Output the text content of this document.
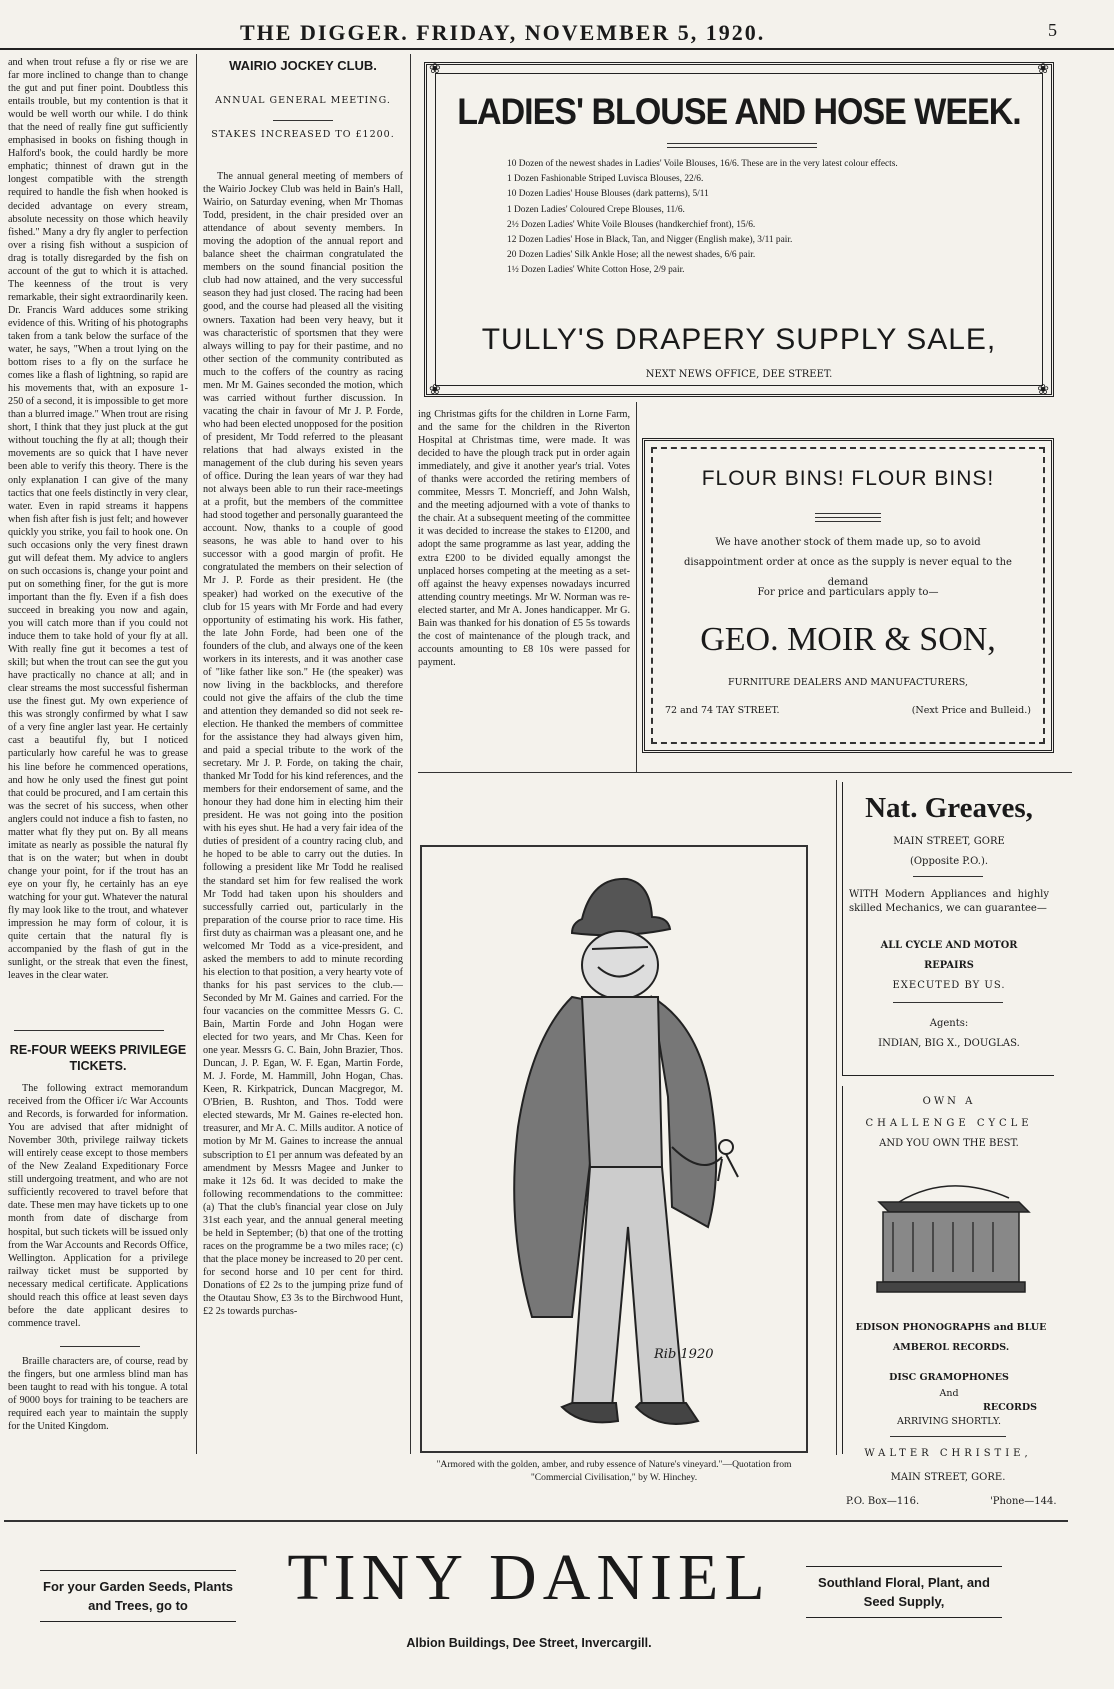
THE DIGGER. FRIDAY, NOVEMBER 5, 1920.	5

and when trout refuse a fly or rise we are far more inclined to change than to change the gut and put finer point. Doubtless this entails trouble, but my contention is that it would be well worth our while. I do think that the need of really fine gut sufficiently emphasised in books on fishing though in Halford's book, the could hardly be more emphatic; thinnest of drawn gut in the longest compatible with the strength required to handle the fish when hooked is decided advantage on every stream, absolute necessity on those which heavily fished." Many a dry fly angler to perfection over a rising fish without a suspicion of drag is totally disregarded by the fish on account of the gut to which it is attached. The keenness of the trout is very remarkable, their sight extraordinarily keen. Dr. Francis Ward adduces some striking evidence of this. Writing of his photographs taken from a tank below the surface of the water, he says, "When a trout lying on the bottom rises to a fly on the surface he comes like a flash of lightning, so rapid are his movements that, with an exposure 1-250 of a second, it is impossible to get more than a blurred image." When trout are rising short, I think that they just pluck at the gut without touching the fly at all; though their movements are so quick that I have never been able to verify this theory. There is the only explanation I can give of the many tactics that one feels distinctly in very clear, water. Even in rapid streams it happens when fish after fish is just felt; and however quickly you strike, you fail to hook one. On such occasions only the very finest drawn gut will defeat them. My advice to anglers on such occasions is, change your point and put on something finer, for the gut is more important than the fly. Even if a fish does succeed in breaking you now and again, you will catch more than if you could not induce them to take hold of your fly at all. With really fine gut it becomes a test of skill; but when the trout can see the gut you have practically no chance at all; and in clear streams the most successful fisherman use the finest gut. My own experience of this was strongly confirmed by what I saw of a very fine angler last year. He certainly cast a beautiful fly, but I noticed particularly how careful he was to grease his line before he commenced operations, and how he only used the finest gut point that could be procured, and I am certain this was the secret of his success, when other anglers could not induce a fish to fasten, no matter what fly they put on. By all means imitate as nearly as possible the natural fly that is on the water; but when in doubt change your point, for if the trout has an eye on your fly, he certainly has an eye watching for your gut. Whatever the natural fly may look like to the trout, and whatever impression he may form of colour, it is quite certain that the natural fly is accompanied by the flash of gut in the sunlight, or the streak that even the finest, leaves in the clear water.

RE-FOUR WEEKS PRIVILEGE TICKETS.

The following extract memorandum received from the Officer i/c War Accounts and Records, is forwarded for information. You are advised that after midnight of November 30th, privilege railway tickets will entirely cease except to those members of the New Zealand Expeditionary Force still undergoing treatment, and who are not sufficiently recovered to travel before that date. These men may have tickets up to one month from date of discharge from hospital, but such tickets will be issued only from the War Accounts and Records Office, Wellington. Application for a privilege railway ticket must be supported by necessary medical certificate. Applications should reach this office at least seven days before the date applicant desires to commence travel.

Braille characters are, of course, read by the fingers, but one armless blind man has been taught to read with his tongue. A total of 9000 boys for training to be teachers are required each year to maintain the supply for the United Kingdom.

WAIRIO JOCKEY CLUB.
ANNUAL GENERAL MEETING.
STAKES INCREASED TO £1200.

The annual general meeting of members of the Wairio Jockey Club was held in Bain's Hall, Wairio, on Saturday evening, when Mr Thomas Todd, president, in the chair presided over an attendance of about seventy members. In moving the adoption of the annual report and balance sheet the chairman congratulated the members on the sound financial position the club had now attained, and the very successful season they had just closed. The racing had been good, and the course had pleased all the visiting owners. Taxation had been very heavy, but it was characteristic of sportsmen that they were always willing to pay for their pastime, and no other section of the community contributed as much to the coffers of the country as racing men. Mr M. Gaines seconded the motion, which was carried without further discussion. In vacating the chair in favour of Mr J. P. Forde, who had been elected unopposed for the position of president, Mr Todd referred to the pleasant relations that had always existed in the management of the club during his seven years of office. During the lean years of war they had not always been able to run their race-meetings at a profit, but the members of the committee had stood together and personally guaranteed the account. Now, thanks to a couple of good seasons, he was able to hand over to his successor with a good margin of profit. He congratulated the members on their selection of Mr J. P. Forde as their president. He (the speaker) had worked on the executive of the club for 15 years with Mr Forde and had every opportunity of estimating his work. His father, the late John Forde, had been one of the founders of the club, and always one of the keen workers in its interests, and it was another case of "like father like son." He (the speaker) was now living in the backblocks, and therefore could not give the affairs of the club the time and attention they demanded so did not seek re-election. He thanked the members of committee for the assistance they had always given him, and paid a special tribute to the work of the secretary. Mr J. P. Forde, on taking the chair, thanked Mr Todd for his kind references, and the members for their endorsement of same, and the honour they had done him in electing him their president. He was not going into the position with his eyes shut. He had a very fair idea of the duties of president of a country racing club, and he hoped to be able to carry out the duties. In following a president like Mr Todd he realised the standard set him for few realised the work Mr Todd had taken upon his shoulders and successfully carried out, particularly in the preparation of the course prior to race time. His first duty as chairman was a pleasant one, and he welcomed Mr Todd as a vice-president, and asked the members to add to minute recording his election to that position, a very hearty vote of thanks for his past services to the club.—Seconded by Mr M. Gaines and carried. For the four vacancies on the committee Messrs G. C. Bain, Martin Forde and John Hogan were elected for two years, and Mr Chas. Keen for one year. Messrs G. C. Bain, John Brazier, Thos. Duncan, J. P. Egan, W. F. Egan, Martin Forde, M. J. Forde, M. Hammill, John Hogan, Chas. Keen, R. Kirkpatrick, Duncan Macgregor, M. O'Brien, B. Rushton, and Thos. Todd were elected stewards, Mr M. Gaines re-elected hon. treasurer, and Mr A. C. Mills auditor. A notice of motion by Mr M. Gaines to increase the annual subscription to £1 per annum was defeated by an amendment by Messrs Magee and Junker to make it 12s 6d. It was decided to make the following recommendations to the committee: (a) That the club's financial year close on July 31st each year, and the annual general meeting be held in September; (b) that one of the trotting races on the programme be a two miles race; (c) that the place money be increased to 20 per cent. for second horse and 10 per cent for third. Donations of £2 2s to the jumping prize fund of the Otautau Show, £3 3s to the Birchwood Hunt, £2 2s towards purchas-

❀	❀
❀	❀
LADIES' BLOUSE AND HOSE WEEK.
10 Dozen of the newest shades in Ladies' Voile Blouses, 16/6. These are in the very latest colour effects.
1 Dozen Fashionable Striped Luvisca Blouses, 22/6.
10 Dozen Ladies' House Blouses (dark patterns), 5/11
1 Dozen Ladies' Coloured Crepe Blouses, 11/6.
2½ Dozen Ladies' White Voile Blouses (handkerchief front), 15/6.
12 Dozen Ladies' Hose in Black, Tan, and Nigger (English make), 3/11 pair.
20 Dozen Ladies' Silk Ankle Hose; all the newest shades, 6/6 pair.
1½ Dozen Ladies' White Cotton Hose, 2/9 pair.
TULLY'S DRAPERY SUPPLY SALE,
NEXT NEWS OFFICE, DEE STREET.

ing Christmas gifts for the children in Lorne Farm, and the same for the children in the Riverton Hospital at Christmas time, were made. It was decided to have the plough track put in order again immediately, and give it another year's trial. Votes of thanks were accorded the retiring members of commitee, Messrs T. Moncrieff, and John Walsh, and the meeting adjourned with a vote of thanks to the chair. At a subsequent meeting of the committee it was decided to increase the stakes to £1200, and adopt the same programme as last year, adding the extra £200 to be divided equally amongst the unplaced horses competing at the meeting as a set-off against the heavy expenses nowadays incurred attending country meetings. Mr W. Norman was re-elected starter, and Mr A. Jones handicapper. Mr G. Bain was thanked for his donation of £5 5s towards the cost of maintenance of the plough track, and accounts amounting to £8 10s were passed for payment.

FLOUR BINS! FLOUR BINS!
We have another stock of them made up, so to avoid disappointment order at once as the supply is never equal to the demand
For price and particulars apply to—
GEO. MOIR & SON,
FURNITURE DEALERS AND MANUFACTURERS,
72 and 74 TAY STREET.	(Next Price and Bulleid.)
Rib 1920
"Armored with the golden, amber, and ruby essence of Nature's vineyard."—Quotation from "Commercial Civilisation," by W. Hinchey.
Nat. Greaves,
MAIN STREET, GORE
(Opposite P.O.).
WITH Modern Appliances and highly skilled Mechanics, we can guarantee—
ALL CYCLE AND MOTOR
REPAIRS
EXECUTED BY US.
Agents:
INDIAN, BIG X., DOUGLAS.
OWN A
CHALLENGE CYCLE
AND YOU OWN THE BEST.
EDISON PHONOGRAPHS and BLUE AMBEROL RECORDS.
DISC GRAMOPHONES
And
RECORDS
ARRIVING SHORTLY.
WALTER CHRISTIE,
MAIN STREET, GORE.
P.O. Box—116.	'Phone—144.
For your Garden Seeds, Plants and Trees, go to	TINY DANIEL	Southland Floral, Plant, and Seed Supply,
Albion Buildings, Dee Street, Invercargill.
